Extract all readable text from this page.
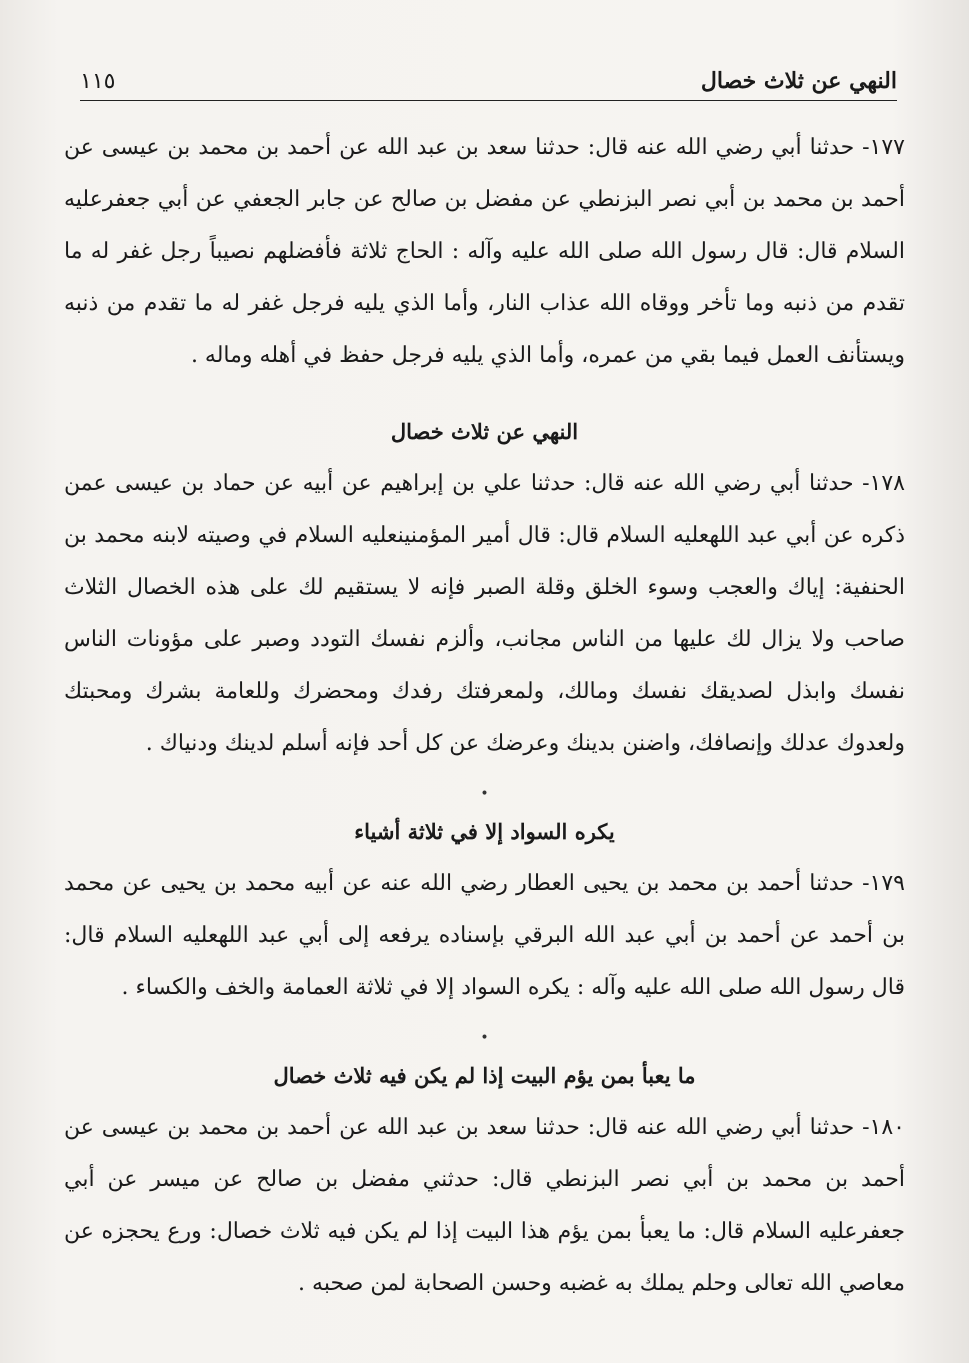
النهي عن ثلاث خصال
١١٥

١٧٧- حدثنا أبي رضي الله عنه قال: حدثنا سعد بن عبد الله عن أحمد بن محمد بن عيسى عن أحمد بن محمد بن أبي نصر البزنطي عن مفضل بن صالح عن جابر الجعفي عن أبي جعفرعليه السلام قال: قال رسول الله صلى الله عليه وآله : الحاج ثلاثة فأفضلهم نصيباً رجل غفر له ما تقدم من ذنبه وما تأخر ووقاه الله عذاب النار، وأما الذي يليه فرجل غفر له ما تقدم من ذنبه ويستأنف العمل فيما بقي من عمره، وأما الذي يليه فرجل حفظ في أهله وماله .

النهي عن ثلاث خصال

١٧٨- حدثنا أبي رضي الله عنه قال: حدثنا علي بن إبراهيم عن أبيه عن حماد بن عيسى عمن ذكره عن أبي عبد اللهعليه السلام قال: قال أمير المؤمنينعليه السلام في وصيته لابنه محمد بن الحنفية: إياك والعجب وسوء الخلق وقلة الصبر فإنه لا يستقيم لك على هذه الخصال الثلاث صاحب ولا يزال لك عليها من الناس مجانب، وألزم نفسك التودد وصبر على مؤونات الناس نفسك وابذل لصديقك نفسك ومالك، ولمعرفتك رفدك ومحضرك وللعامة بشرك ومحبتك ولعدوك عدلك وإنصافك، واضنن بدينك وعرضك عن كل أحد فإنه أسلم لدينك ودنياك .

•
يكره السواد إلا في ثلاثة أشياء

١٧٩- حدثنا أحمد بن محمد بن يحيى العطار رضي الله عنه عن أبيه محمد بن يحيى عن محمد بن أحمد عن أحمد بن أبي عبد الله البرقي بإسناده يرفعه إلى أبي عبد اللهعليه السلام قال: قال رسول الله صلى الله عليه وآله : يكره السواد إلا في ثلاثة العمامة والخف والكساء .

•
ما يعبأ بمن يؤم البيت إذا لم يكن فيه ثلاث خصال

١٨٠- حدثنا أبي رضي الله عنه قال: حدثنا سعد بن عبد الله عن أحمد بن محمد بن عيسى عن أحمد بن محمد بن أبي نصر البزنطي قال: حدثني مفضل بن صالح عن ميسر عن أبي جعفرعليه السلام قال: ما يعبأ بمن يؤم هذا البيت إذا لم يكن فيه ثلاث خصال: ورع يحجزه عن معاصي الله تعالى وحلم يملك به غضبه وحسن الصحابة لمن صحبه .
